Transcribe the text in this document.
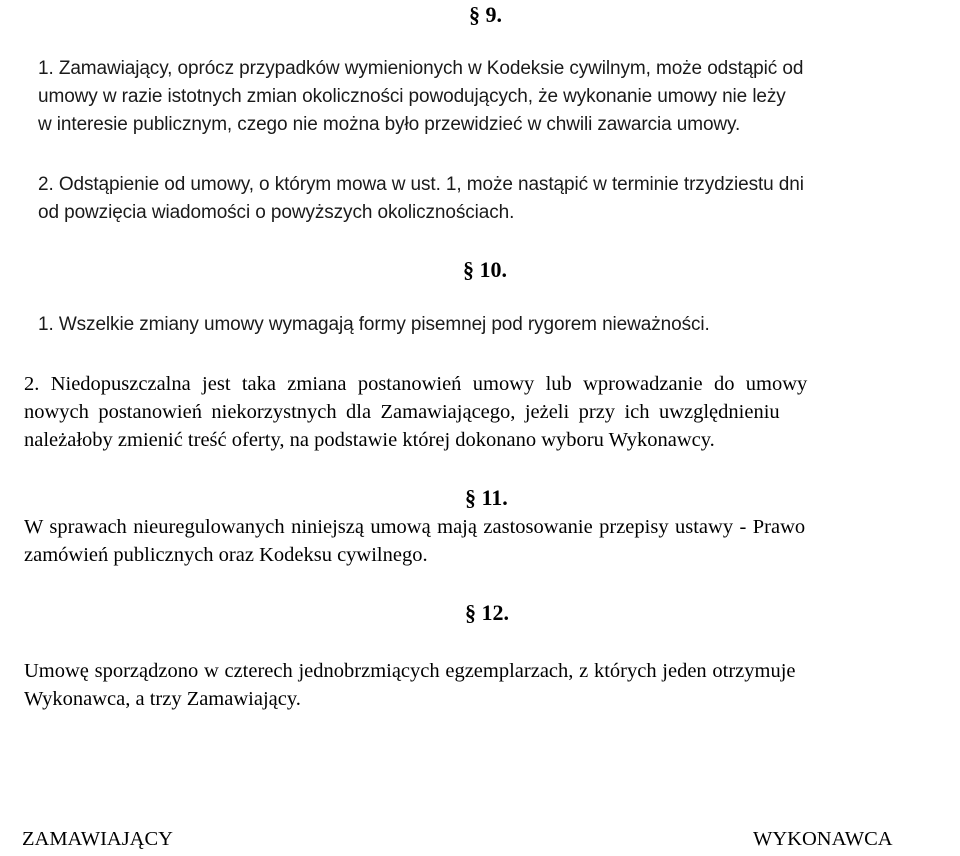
§ 9.
1. Zamawiający, oprócz przypadków wymienionych w Kodeksie cywilnym, może odstąpić od
umowy w razie istotnych zmian okoliczności powodujących, że wykonanie umowy nie leży
w interesie publicznym, czego nie można było przewidzieć w chwili zawarcia umowy.
2. Odstąpienie od umowy, o którym mowa w ust. 1, może nastąpić w terminie trzydziestu dni
od powzięcia wiadomości o powyższych okolicznościach.
§ 10.
1. Wszelkie zmiany umowy wymagają formy pisemnej pod rygorem nieważności.
2. Niedopuszczalna jest taka zmiana postanowień umowy lub wprowadzanie do umowy
nowych postanowień niekorzystnych dla Zamawiającego, jeżeli przy ich uwzględnieniu
należałoby zmienić treść oferty, na podstawie której dokonano wyboru Wykonawcy.
§ 11.
W sprawach nieuregulowanych niniejszą umową mają zastosowanie przepisy ustawy - Prawo
zamówień publicznych oraz Kodeksu cywilnego.
§ 12.
Umowę sporządzono w czterech jednobrzmiących egzemplarzach, z których jeden otrzymuje
Wykonawca, a trzy Zamawiający.
ZAMAWIAJĄCY	WYKONAWCA
